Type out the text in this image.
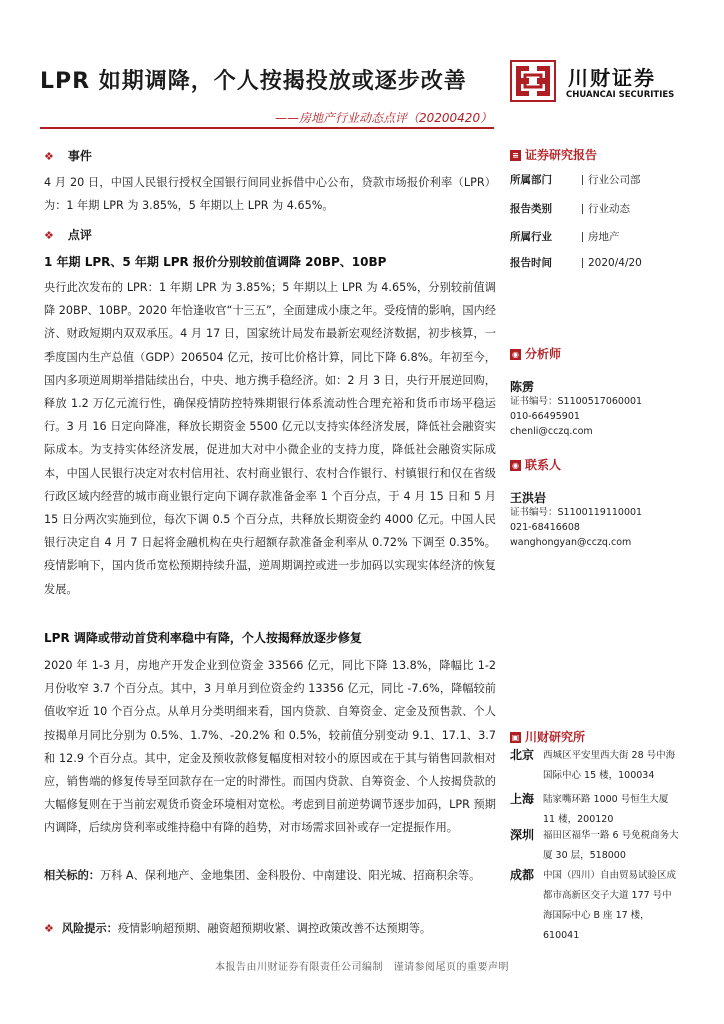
LPR 如期调降，个人按揭投放或逐步改善
——房地产行业动态点评（20200420）
川财证券
CHUANCAI SECURITIES
❖ 事件
4 月 20 日，中国人民银行授权全国银行间同业拆借中心公布，贷款市场报价利率（LPR）为：1 年期 LPR 为 3.85%，5 年期以上 LPR 为 4.65%。
❖ 点评
1 年期 LPR、5 年期 LPR 报价分别较前值调降 20BP、10BP
央行此次发布的 LPR：1 年期 LPR 为 3.85%；5 年期以上 LPR 为 4.65%，分别较前值调降 20BP、10BP。2020 年恰逢收官“十三五”，全面建成小康之年。受疫情的影响，国内经济、财政短期内双双承压。4 月 17 日，国家统计局发布最新宏观经济数据，初步核算，一季度国内生产总值（GDP）206504 亿元，按可比价格计算，同比下降 6.8%。年初至今，国内多项逆周期举措陆续出台，中央、地方携手稳经济。如：2 月 3 日，央行开展逆回购，释放 1.2 万亿元流行性，确保疫情防控特殊期银行体系流动性合理充裕和货币市场平稳运行。3 月 16 日定向降准，释放长期资金 5500 亿元以支持实体经济发展，降低社会融资实际成本。为支持实体经济发展，促进加大对中小微企业的支持力度，降低社会融资实际成本，中国人民银行决定对农村信用社、农村商业银行、农村合作银行、村镇银行和仅在省级行政区域内经营的城市商业银行定向下调存款准备金率 1 个百分点，于 4 月 15 日和 5 月 15 日分两次实施到位，每次下调 0.5 个百分点，共释放长期资金约 4000 亿元。中国人民银行决定自 4 月 7 日起将金融机构在央行超额存款准备金利率从 0.72% 下调至 0.35%。疫情影响下，国内货币宽松预期持续升温，逆周期调控或进一步加码以实现实体经济的恢复发展。
LPR 调降或带动首贷利率稳中有降，个人按揭释放逐步修复
2020 年 1-3 月，房地产开发企业到位资金 33566 亿元，同比下降 13.8%，降幅比 1-2 月份收窄 3.7 个百分点。其中，3 月单月到位资金约 13356 亿元，同比 -7.6%，降幅较前值收窄近 10 个百分点。从单月分类明细来看，国内贷款、自筹资金、定金及预售款、个人按揭单月同比分别为 0.5%、1.7%、-20.2% 和 0.5%，较前值分别变动 9.1、17.1、3.7 和 12.9 个百分点。其中，定金及预收款修复幅度相对较小的原因或在于其与销售回款相对应，销售端的修复传导至回款存在一定的时滞性。而国内贷款、自筹资金、个人按揭贷款的大幅修复则在于当前宏观货币资金环境相对宽松。考虑到目前逆势调节逐步加码，LPR 预期内调降，后续房贷利率或维持稳中有降的趋势，对市场需求回补或存一定提振作用。
相关标的：万科 A、保利地产、金地集团、金科股份、中南建设、阳光城、招商积余等。
❖ 风险提示：疫情影响超预期、融资超预期收紧、调控政策改善不达预期等。
≡ 证券研究报告
所属部门	行业公司部
报告类别	行业动态
所属行业	房地产
报告时间	2020/4/20
◉ 分析师
陈雳
证书编号：S1100517060001
010-66495901
chenli@cczq.com
◉ 联系人
王洪岩
证书编号：S1100119110001
021-68416608
wanghongyan@cczq.com
▣ 川财研究所
北京 西城区平安里西大街 28 号中海国际中心 15 楼，100034
上海 陆家嘴环路 1000 号恒生大厦 11 楼，200120
深圳 福田区福华一路 6 号免税商务大厦 30 层，518000
成都 中国（四川）自由贸易试验区成都市高新区交子大道 177 号中海国际中心 B 座 17 楼，610041
本报告由川财证券有限责任公司编制　谨请参阅尾页的重要声明
